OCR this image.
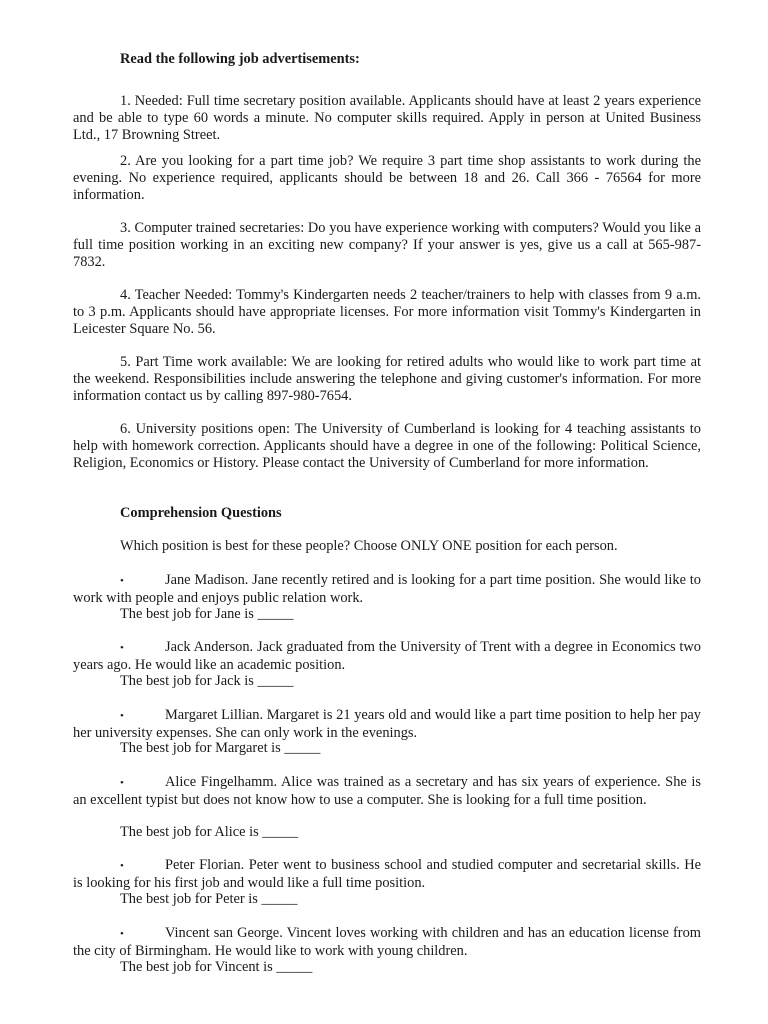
Read the following job advertisements:

1. Needed: Full time secretary position available. Applicants should have at least 2 years experience and be able to type 60 words a minute. No computer skills required. Apply in person at United Business Ltd., 17 Browning Street.

2. Are you looking for a part time job? We require 3 part time shop assistants to work during the evening. No experience required, applicants should be between 18 and 26. Call 366 - 76564 for more information.

3. Computer trained secretaries: Do you have experience working with computers? Would you like a full time position working in an exciting new company? If your answer is yes, give us a call at 565-987-7832.

4. Teacher Needed: Tommy's Kindergarten needs 2 teacher/trainers to help with classes from 9 a.m. to 3 p.m. Applicants should have appropriate licenses. For more information visit Tommy's Kindergarten in Leicester Square No. 56.

5. Part Time work available: We are looking for retired adults who would like to work part time at the weekend. Responsibilities include answering the telephone and giving customer's information. For more information contact us by calling 897-980-7654.

6. University positions open: The University of Cumberland is looking for 4 teaching assistants to help with homework correction. Applicants should have a degree in one of the following: Political Science, Religion, Economics or History. Please contact the University of Cumberland for more information.

Comprehension Questions

Which position is best for these people? Choose ONLY ONE position for each person.

•	Jane Madison. Jane recently retired and is looking for a part time position. She would like to work with people and enjoys public relation work.

The best job for Jane is _____

•	Jack Anderson. Jack graduated from the University of Trent with a degree in Economics two years ago. He would like an academic position.

The best job for Jack is _____

•	Margaret Lillian. Margaret is 21 years old and would like a part time position to help her pay her university expenses. She can only work in the evenings.

The best job for Margaret is _____

•	Alice Fingelhamm. Alice was trained as a secretary and has six years of experience. She is an excellent typist but does not know how to use a computer. She is looking for a full time position.

The best job for Alice is _____

•	Peter Florian. Peter went to business school and studied computer and secretarial skills. He is looking for his first job and would like a full time position.

The best job for Peter is _____

•	Vincent san George. Vincent loves working with children and has an education license from the city of Birmingham. He would like to work with young children.

The best job for Vincent is _____
